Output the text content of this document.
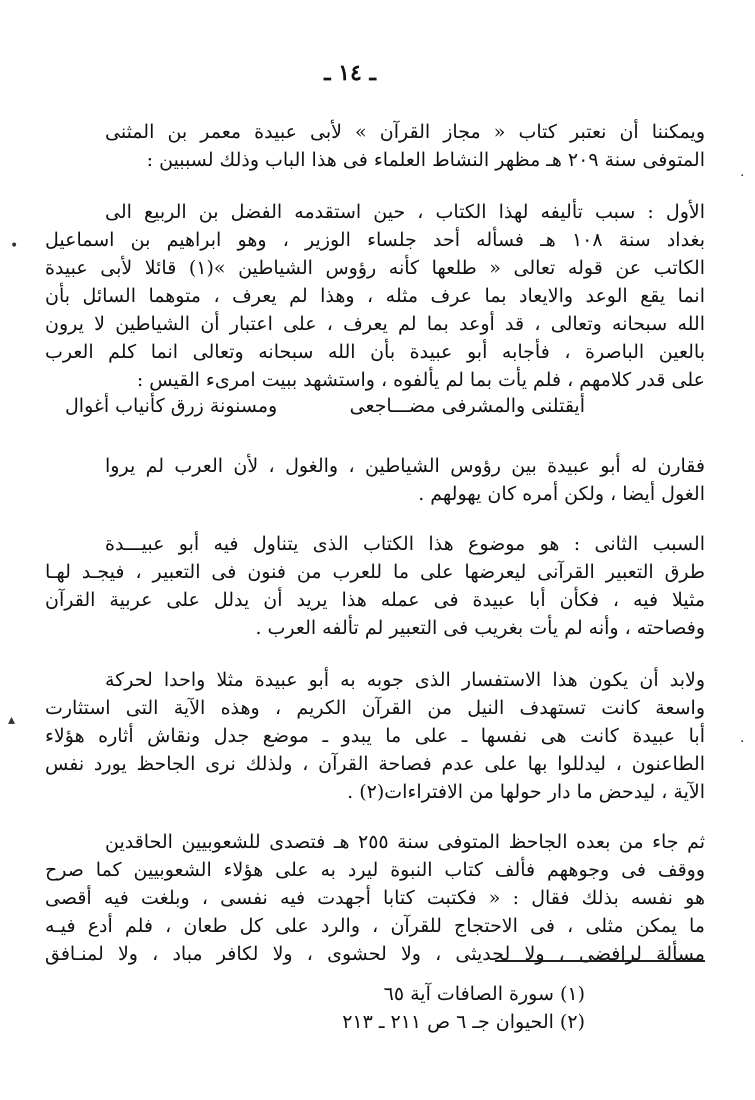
ـ ١٤ ـ
ويمكننا أن نعتبر كتاب « مجاز القرآن » لأبى عبيدة معمر بن المثنى
المتوفى سنة ٢٠٩ هـ مظهر النشاط العلماء فى هذا الباب وذلك لسببين :
الأول : سبب تأليفه لهذا الكتاب ، حين استقدمه الفضل بن الربيع الى
بغداد سنة ١٠٨ هـ فسأله أحد جلساء الوزير ، وهو ابراهيم بن اسماعيل
الكاتب عن قوله تعالى « طلعها كأنه رؤوس الشياطين »(١) قائلا لأبى عبيدة
انما يقع الوعد والايعاد بما عرف مثله ، وهذا لم يعرف ، متوهما السائل بأن
الله سبحانه وتعالى ، قد أوعد بما لم يعرف ، على اعتبار أن الشياطين لا يرون
بالعين الباصرة ، فأجابه أبو عبيدة بأن الله سبحانه وتعالى انما كلم العرب
على قدر كلامهم ، فلم يأت بما لم يألفوه ، واستشهد ببيت امرىء القيس :
أيقتلنى والمشرفى مضـــاجعى
ومسنونة زرق كأنياب أغوال
فقارن له أبو عبيدة بين رؤوس الشياطين ، والغول ، لأن العرب لم يروا
الغول أيضا ، ولكن أمره كان يهولهم .
السبب الثانى : هو موضوع هذا الكتاب الذى يتناول فيه أبو عبيـــدة
طرق التعبير القرآنى ليعرضها على ما للعرب من فنون فى التعبير ، فيجـد لهـا
مثيلا فيه ، فكأن أبا عبيدة فى عمله هذا يريد أن يدلل على عربية القرآن
وفصاحته ، وأنه لم يأت بغريب فى التعبير لم تألفه العرب .
ولابد أن يكون هذا الاستفسار الذى جوبه به أبو عبيدة مثلا واحدا لحركة
واسعة كانت تستهدف النيل من القرآن الكريم ، وهذه الآية التى استثارت
أبا عبيدة كانت هى نفسها ـ على ما يبدو ـ موضع جدل ونقاش أثاره هؤلاء
الطاعنون ، ليدللوا بها على عدم فصاحة القرآن ، ولذلك نرى الجاحظ يورد نفس
الآية ، ليدحض ما دار حولها من الافتراءات(٢) .
ثم جاء من بعده الجاحظ المتوفى سنة ٢٥٥ هـ فتصدى للشعوبيين الحاقدين
ووقف فى وجوههم فألف كتاب النبوة ليرد به على هؤلاء الشعوبيين كما صرح
هو نفسه بذلك فقال : « فكتبت كتابا أجهدت فيه نفسى ، وبلغت فيه أقصى
ما يمكن مثلى ، فى الاحتجاج للقرآن ، والرد على كل طعان ، فلم أدع فيـه
مسألة لرافضى ، ولا لحديثى ، ولا لحشوى ، ولا لكافر مباد ، ولا لمنـافق
(١) سورة الصافات آية ٦٥
(٢) الحيوان جـ ٦ ص ٢١١ ـ ٢١٣
•
▴
·
·
